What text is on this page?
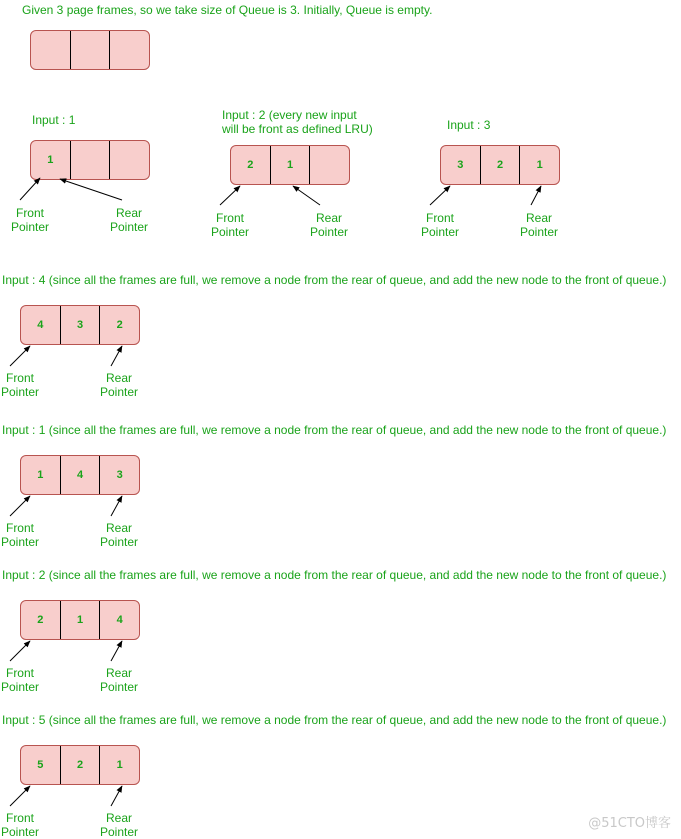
Given 3 page frames, so we take size of Queue is 3. Initially, Queue is empty.
Input : 1
1
Front
Pointer
Rear
Pointer
Input : 2 (every new input
will be front as defined LRU)
2	1
Front
Pointer
Rear
Pointer
Input : 3
3	2	1
Front
Pointer
Rear
Pointer
Input : 4 (since all the frames are full, we remove a node from the rear of queue, and add the new node to the front of queue.)
4	3	2
Front
Pointer
Rear
Pointer
Input : 1 (since all the frames are full, we remove a node from the rear of queue, and add the new node to the front of queue.)
1	4	3
Front
Pointer
Rear
Pointer
Input : 2 (since all the frames are full, we remove a node from the rear of queue, and add the new node to the front of queue.)
2	1	4
Front
Pointer
Rear
Pointer
Input : 5 (since all the frames are full, we remove a node from the rear of queue, and add the new node to the front of queue.)
5	2	1
Front
Pointer
Rear
Pointer
@51CTO博客
